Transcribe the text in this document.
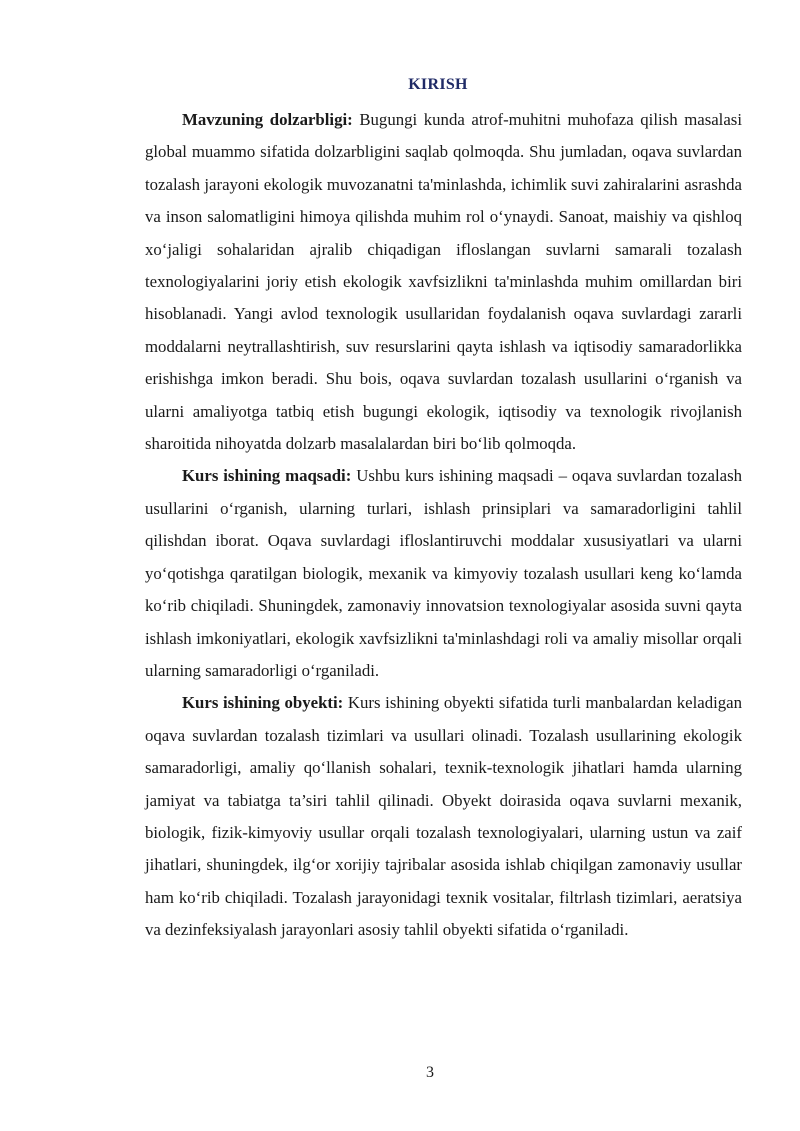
KIRISH

Mavzuning dolzarbligi: Bugungi kunda atrof-muhitni muhofaza qilish masalasi global muammo sifatida dolzarbligini saqlab qolmoqda. Shu jumladan, oqava suvlardan tozalash jarayoni ekologik muvozanatni ta'minlashda, ichimlik suvi zahiralarini asrashda va inson salomatligini himoya qilishda muhim rol o‘ynaydi. Sanoat, maishiy va qishloq xo‘jaligi sohalaridan ajralib chiqadigan ifloslangan suvlarni samarali tozalash texnologiyalarini joriy etish ekologik xavfsizlikni ta'minlashda muhim omillardan biri hisoblanadi. Yangi avlod texnologik usullaridan foydalanish oqava suvlardagi zararli moddalarni neytrallashtirish, suv resurslarini qayta ishlash va iqtisodiy samaradorlikka erishishga imkon beradi. Shu bois, oqava suvlardan tozalash usullarini o‘rganish va ularni amaliyotga tatbiq etish bugungi ekologik, iqtisodiy va texnologik rivojlanish sharoitida nihoyatda dolzarb masalalardan biri bo‘lib qolmoqda.

Kurs ishining maqsadi: Ushbu kurs ishining maqsadi – oqava suvlardan tozalash usullarini o‘rganish, ularning turlari, ishlash prinsiplari va samaradorligini tahlil qilishdan iborat. Oqava suvlardagi ifloslantiruvchi moddalar xususiyatlari va ularni yo‘qotishga qaratilgan biologik, mexanik va kimyoviy tozalash usullari keng ko‘lamda ko‘rib chiqiladi. Shuningdek, zamonaviy innovatsion texnologiyalar asosida suvni qayta ishlash imkoniyatlari, ekologik xavfsizlikni ta'minlashdagi roli va amaliy misollar orqali ularning samaradorligi o‘rganiladi.

Kurs ishining obyekti: Kurs ishining obyekti sifatida turli manbalardan keladigan oqava suvlardan tozalash tizimlari va usullari olinadi. Tozalash usullarining ekologik samaradorligi, amaliy qo‘llanish sohalari, texnik-texnologik jihatlari hamda ularning jamiyat va tabiatga ta’siri tahlil qilinadi. Obyekt doirasida oqava suvlarni mexanik, biologik, fizik-kimyoviy usullar orqali tozalash texnologiyalari, ularning ustun va zaif jihatlari, shuningdek, ilg‘or xorijiy tajribalar asosida ishlab chiqilgan zamonaviy usullar ham ko‘rib chiqiladi. Tozalash jarayonidagi texnik vositalar, filtrlash tizimlari, aeratsiya va dezinfeksiyalash jarayonlari asosiy tahlil obyekti sifatida o‘rganiladi.

3
